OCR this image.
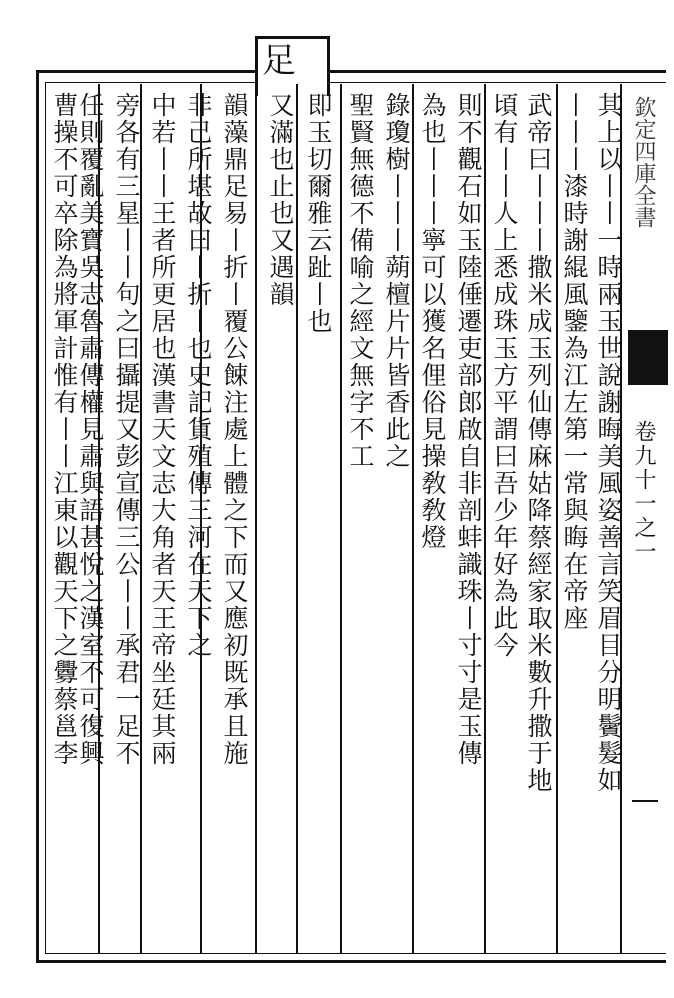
足
欽定四庫全書
卷九十一之一
其上以丨丨一時兩玉世說謝晦美風姿善言笑眉目分明鬢髮如
丨丨丨漆時謝緄風鑒為江左第一常與晦在帝座
武帝曰丨丨丨撒米成玉列仙傳麻姑降蔡經家取米數升撒于地
頃有丨丨人上悉成珠玉方平謂曰吾少年好為此今
則不觀石如玉陸倕遷吏部郎啟自非剖蚌識珠丨寸寸是玉傳
為也丨丨丨寧可以獲名俚俗見操敎敎燈
錄瓊樹丨丨丨蒴檀片片皆香此之
聖賢無德不備喻之經文無字不工
即玉切爾雅云趾丨也
又滿也止也又遇韻
韻藻鼎足易丨折丨覆公餗注處上體之下而又應初既承且施
非己所堪故曰丨折丨也史記貨殖傳三河在天下之
中若丨丨王者所更居也漢書天文志大角者天王帝坐廷其兩
旁各有三星丨丨句之曰攝提又彭宣傳三公丨丨承君一足不
任則覆亂美寶吳志魯肅傳權見肅與語甚悅之漢室不可復興
曹操不可卒除為將軍計惟有丨丨江東以觀天下之釁蔡邕李
